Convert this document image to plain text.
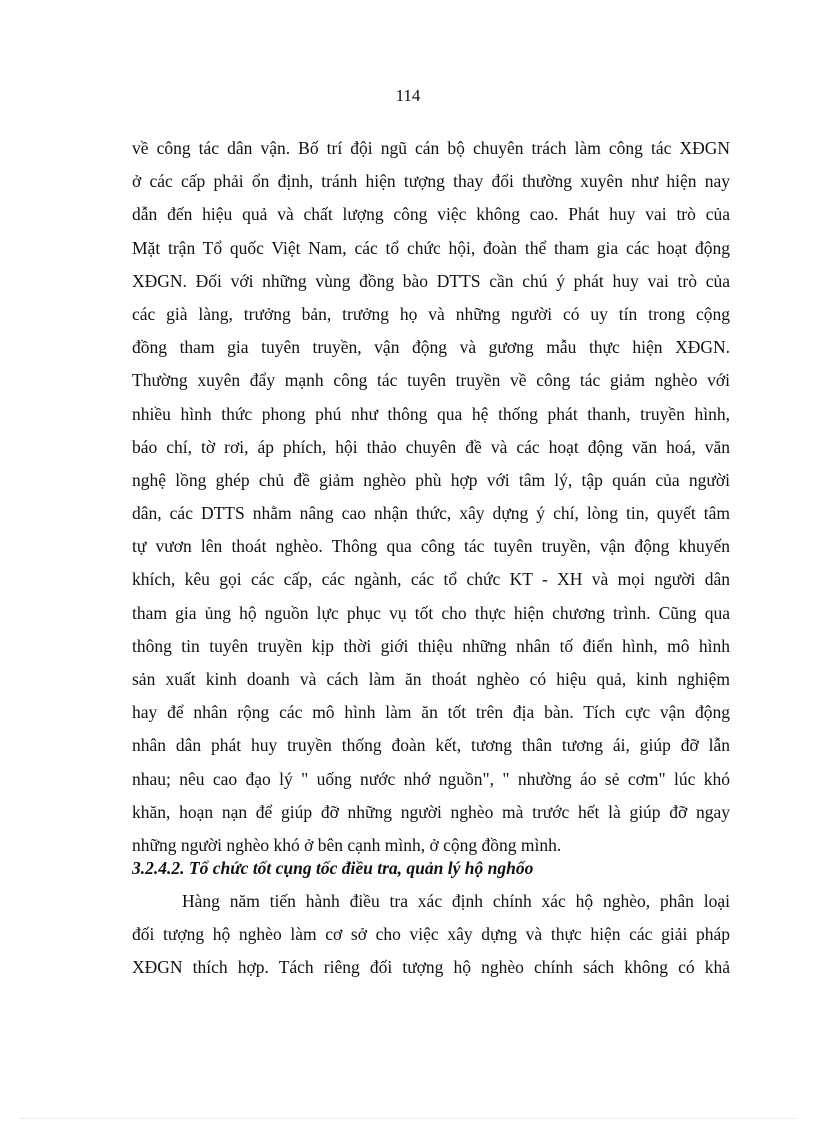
114
về công tác dân vận. Bố trí đội ngũ cán bộ chuyên trách làm công tác XĐGN
ở các cấp phải ổn định, tránh hiện tượng thay đổi thường xuyên như hiện nay
dẫn đến hiệu quả và chất lượng công việc không cao. Phát huy vai trò của
Mặt trận Tổ quốc Việt Nam, các tổ chức hội, đoàn thể tham gia các hoạt động
XĐGN. Đối với những vùng đồng bào DTTS cần chú ý phát huy vai trò của
các già làng, trưởng bản, trưởng họ và những người có uy tín trong cộng
đồng tham gia tuyên truyền, vận động và gương mẫu thực hiện XĐGN.
Thường xuyên đẩy mạnh công tác tuyên truyền về công tác giảm nghèo với
nhiều hình thức phong phú như thông qua hệ thống phát thanh, truyền hình,
báo chí, tờ rơi, áp phích, hội thảo chuyên đề và các hoạt động văn hoá, văn
nghệ lồng ghép chủ đề giảm nghèo phù hợp với tâm lý, tập quán của người
dân, các DTTS nhằm nâng cao nhận thức, xây dựng ý chí, lòng tin, quyết tâm
tự vươn lên thoát nghèo. Thông qua công tác tuyên truyền, vận động khuyến
khích, kêu gọi các cấp, các ngành, các tổ chức KT - XH và mọi người dân
tham gia ủng hộ nguồn lực phục vụ tốt cho thực hiện chương trình. Cũng qua
thông tin tuyên truyền kịp thời giới thiệu những nhân tố điển hình, mô hình
sản xuất kinh doanh và cách làm ăn thoát nghèo có hiệu quả, kinh nghiệm
hay để nhân rộng các mô hình làm ăn tốt trên địa bàn. Tích cực vận động
nhân dân phát huy truyền thống đoàn kết, tương thân tương ái, giúp đỡ lẫn
nhau; nêu cao đạo lý " uống nước nhớ nguồn", " nhường áo sẻ cơm" lúc khó
khăn, hoạn nạn để giúp đỡ những người nghèo mà trước hết là giúp đỡ ngay
những người nghèo khó ở bên cạnh mình, ở cộng đồng mình.
3.2.4.2. Tổ chức tốt cụng tốc điều tra, quản lý hộ nghốo
Hàng năm tiến hành điều tra xác định chính xác hộ nghèo, phân loại
đối tượng hộ nghèo làm cơ sở cho việc xây dựng và thực hiện các giải pháp
XĐGN thích hợp. Tách riêng đối tượng hộ nghèo chính sách không có khả
